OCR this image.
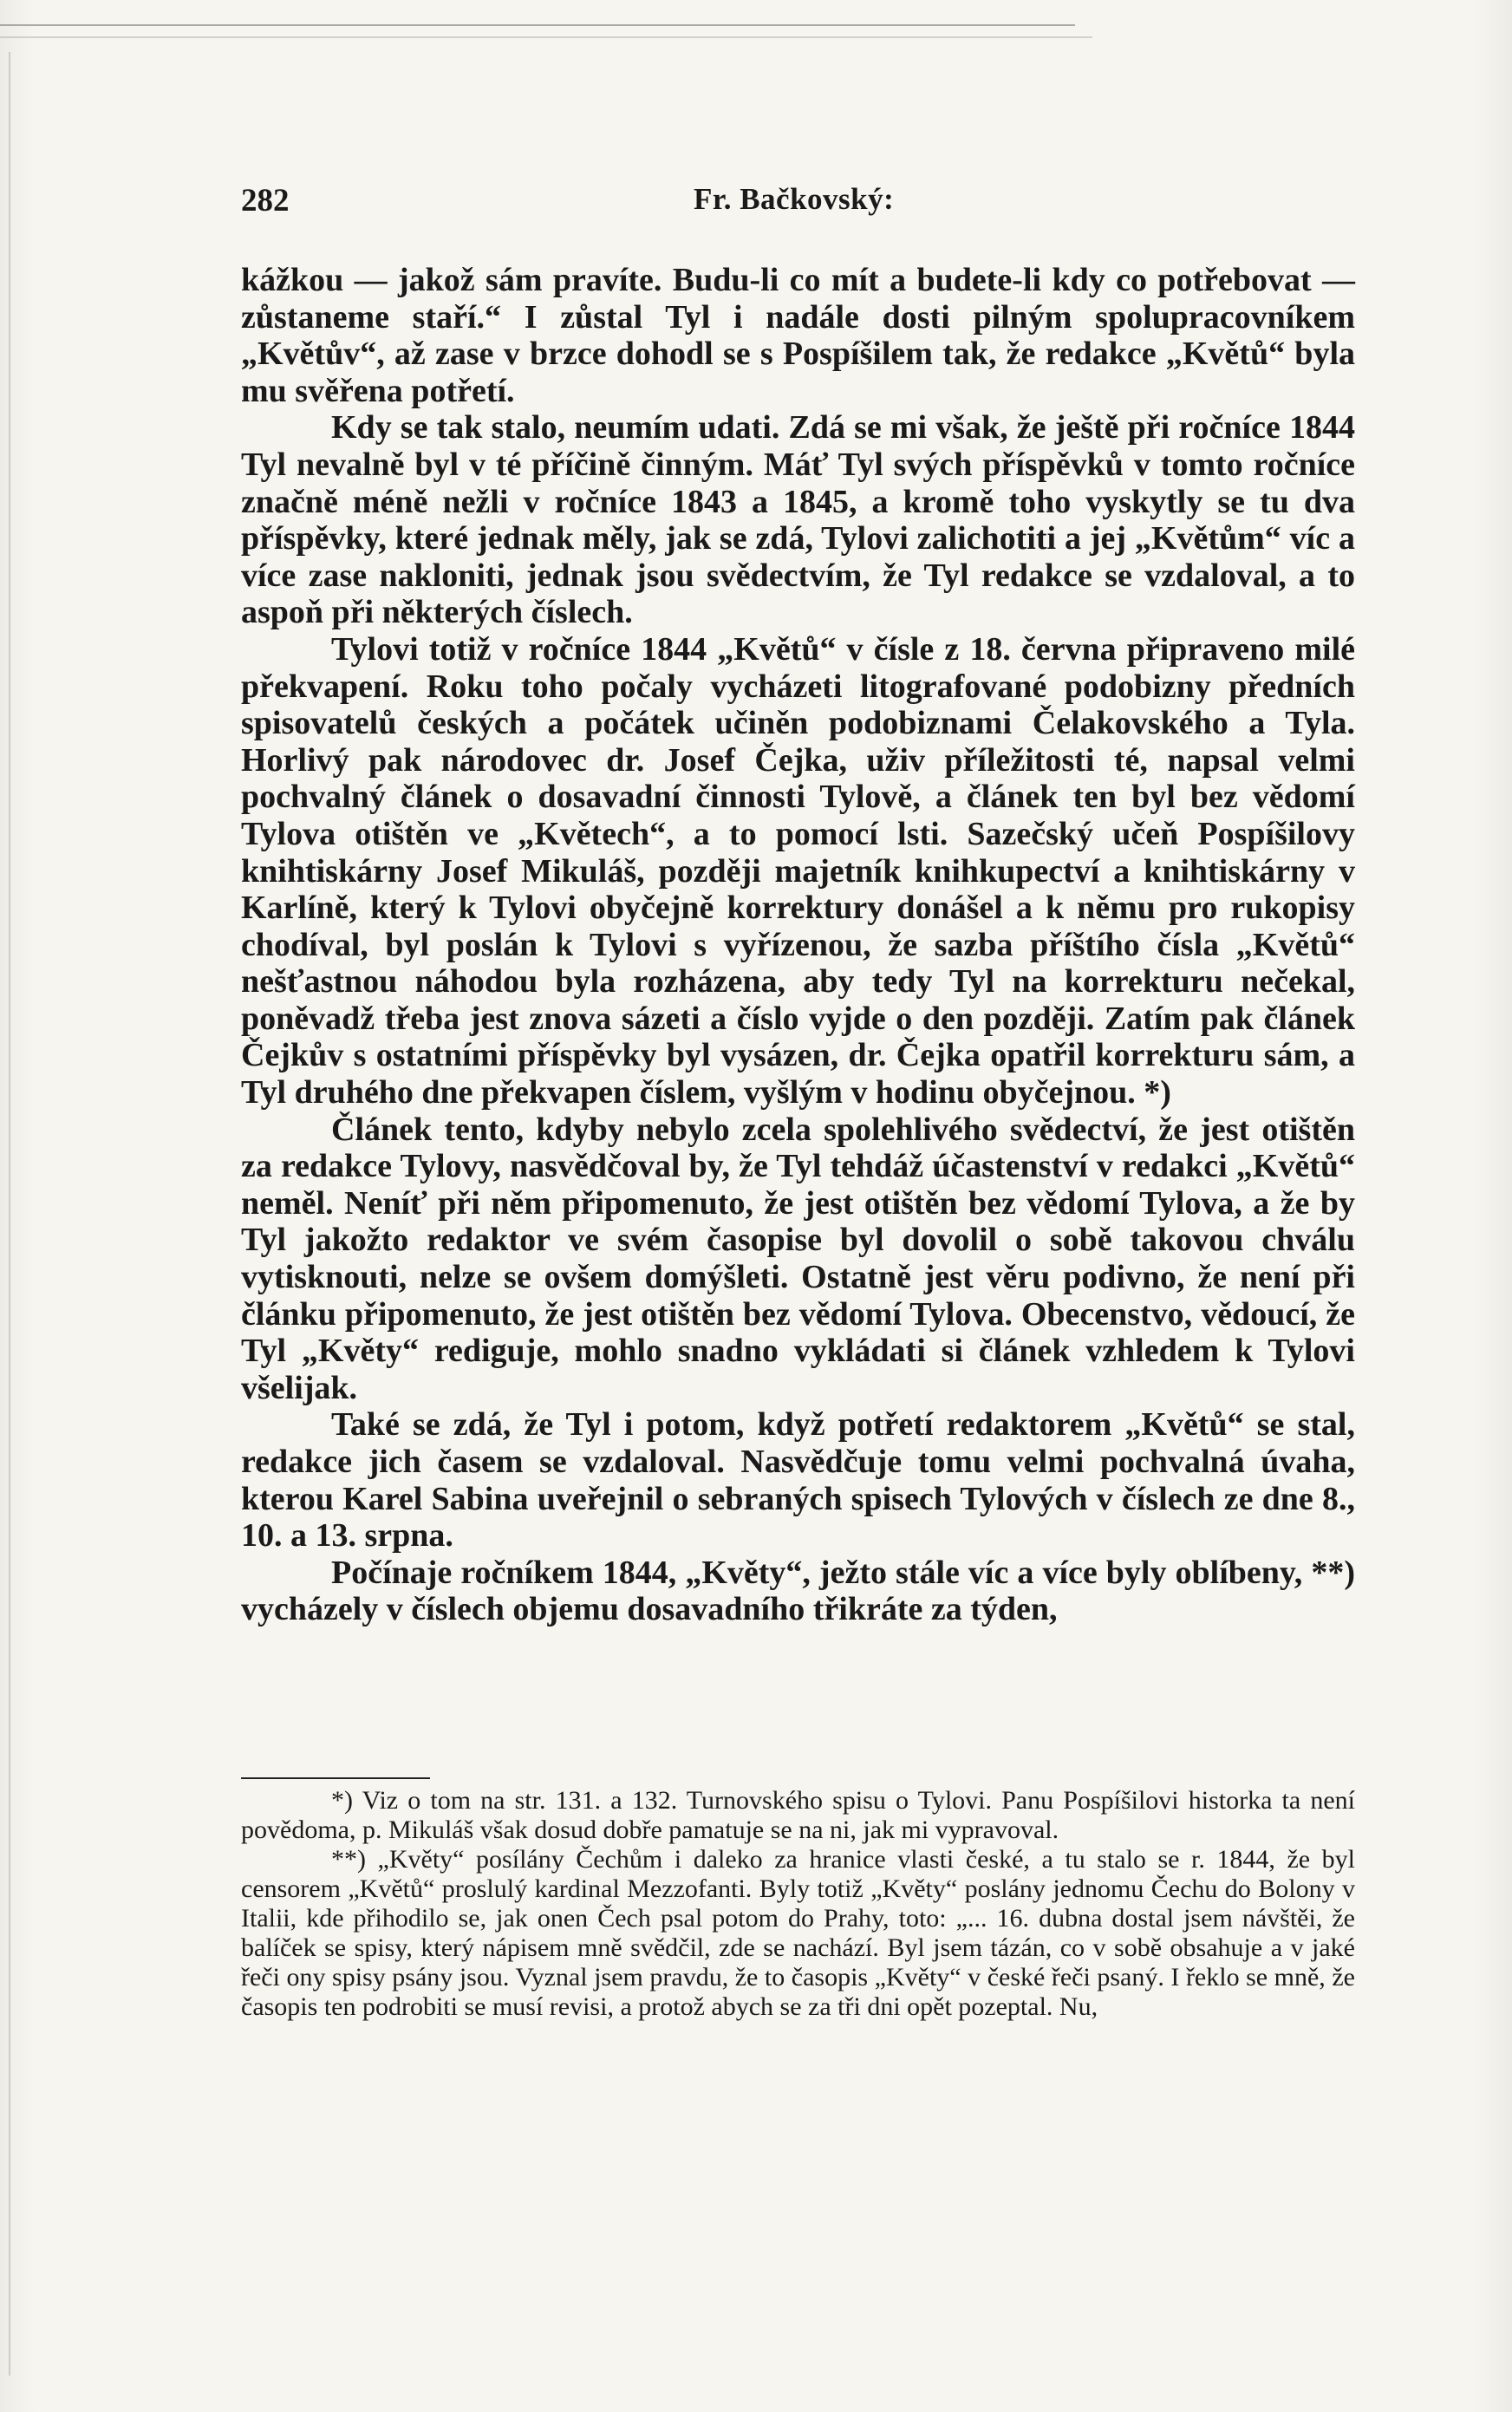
282	Fr. Bačkovský:

kážkou — jakož sám pravíte. Budu-li co mít a budete-li kdy co potřebovat — zůstaneme staří.“ I zůstal Tyl i nadále dosti pilným spolupracovníkem „Květův“, až zase v brzce dohodl se s Pospíšilem tak, že redakce „Květů“ byla mu svěřena potřetí.

Kdy se tak stalo, neumím udati. Zdá se mi však, že ještě při ročníce 1844 Tyl nevalně byl v té příčině činným. Máť Tyl svých příspěvků v tomto ročníce značně méně nežli v ročníce 1843 a 1845, a kromě toho vyskytly se tu dva příspěvky, které jednak měly, jak se zdá, Tylovi zalichotiti a jej „Květům“ víc a více zase nakloniti, jednak jsou svědectvím, že Tyl redakce se vzdaloval, a to aspoň při některých číslech.

Tylovi totiž v ročníce 1844 „Květů“ v čísle z 18. června připraveno milé překvapení. Roku toho počaly vycházeti litografované podobizny předních spisovatelů českých a počátek učiněn podobiznami Čelakovského a Tyla. Horlivý pak národovec dr. Josef Čejka, uživ příležitosti té, napsal velmi pochvalný článek o dosavadní činnosti Tylově, a článek ten byl bez vědomí Tylova otištěn ve „Květech“, a to pomocí lsti. Sazečský učeň Pospíšilovy knihtiskárny Josef Mikuláš, později majetník knihkupectví a knihtiskárny v Karlíně, který k Tylovi obyčejně korrektury donášel a k němu pro rukopisy chodíval, byl poslán k Tylovi s vyřízenou, že sazba příštího čísla „Květů“ nešťastnou náhodou byla rozházena, aby tedy Tyl na korrekturu nečekal, poněvadž třeba jest znova sázeti a číslo vyjde o den později. Zatím pak článek Čejkův s ostatními příspěvky byl vysázen, dr. Čejka opatřil korrekturu sám, a Tyl druhého dne překvapen číslem, vyšlým v hodinu obyčejnou. *)

Článek tento, kdyby nebylo zcela spolehlivého svědectví, že jest otištěn za redakce Tylovy, nasvědčoval by, že Tyl tehdáž účastenství v redakci „Květů“ neměl. Neníť při něm připomenuto, že jest otištěn bez vědomí Tylova, a že by Tyl jakožto redaktor ve svém časopise byl dovolil o sobě takovou chválu vytisknouti, nelze se ovšem domýšleti. Ostatně jest věru podivno, že není při článku připomenuto, že jest otištěn bez vědomí Tylova. Obecenstvo, vědoucí, že Tyl „Květy“ rediguje, mohlo snadno vykládati si článek vzhledem k Tylovi všelijak.

Také se zdá, že Tyl i potom, když potřetí redaktorem „Květů“ se stal, redakce jich časem se vzdaloval. Nasvědčuje tomu velmi pochvalná úvaha, kterou Karel Sabina uveřejnil o sebraných spisech Tylových v číslech ze dne 8., 10. a 13. srpna.

Počínaje ročníkem 1844, „Květy“, ježto stále víc a více byly oblíbeny, **) vycházely v číslech objemu dosavadního třikráte za týden,

*) Viz o tom na str. 131. a 132. Turnovského spisu o Tylovi. Panu Pospíšilovi historka ta není povědoma, p. Mikuláš však dosud dobře pamatuje se na ni, jak mi vypravoval.

**) „Květy“ posílány Čechům i daleko za hranice vlasti české, a tu stalo se r. 1844, že byl censorem „Květů“ proslulý kardinal Mezzofanti. Byly totiž „Květy“ poslány jednomu Čechu do Bolony v Italii, kde přihodilo se, jak onen Čech psal potom do Prahy, toto: „... 16. dubna dostal jsem návštěi, že balíček se spisy, který nápisem mně svědčil, zde se nachází. Byl jsem tázán, co v sobě obsahuje a v jaké řeči ony spisy psány jsou. Vyznal jsem pravdu, že to časopis „Květy“ v české řeči psaný. I řeklo se mně, že časopis ten podrobiti se musí revisi, a protož abych se za tři dni opět pozeptal. Nu,
